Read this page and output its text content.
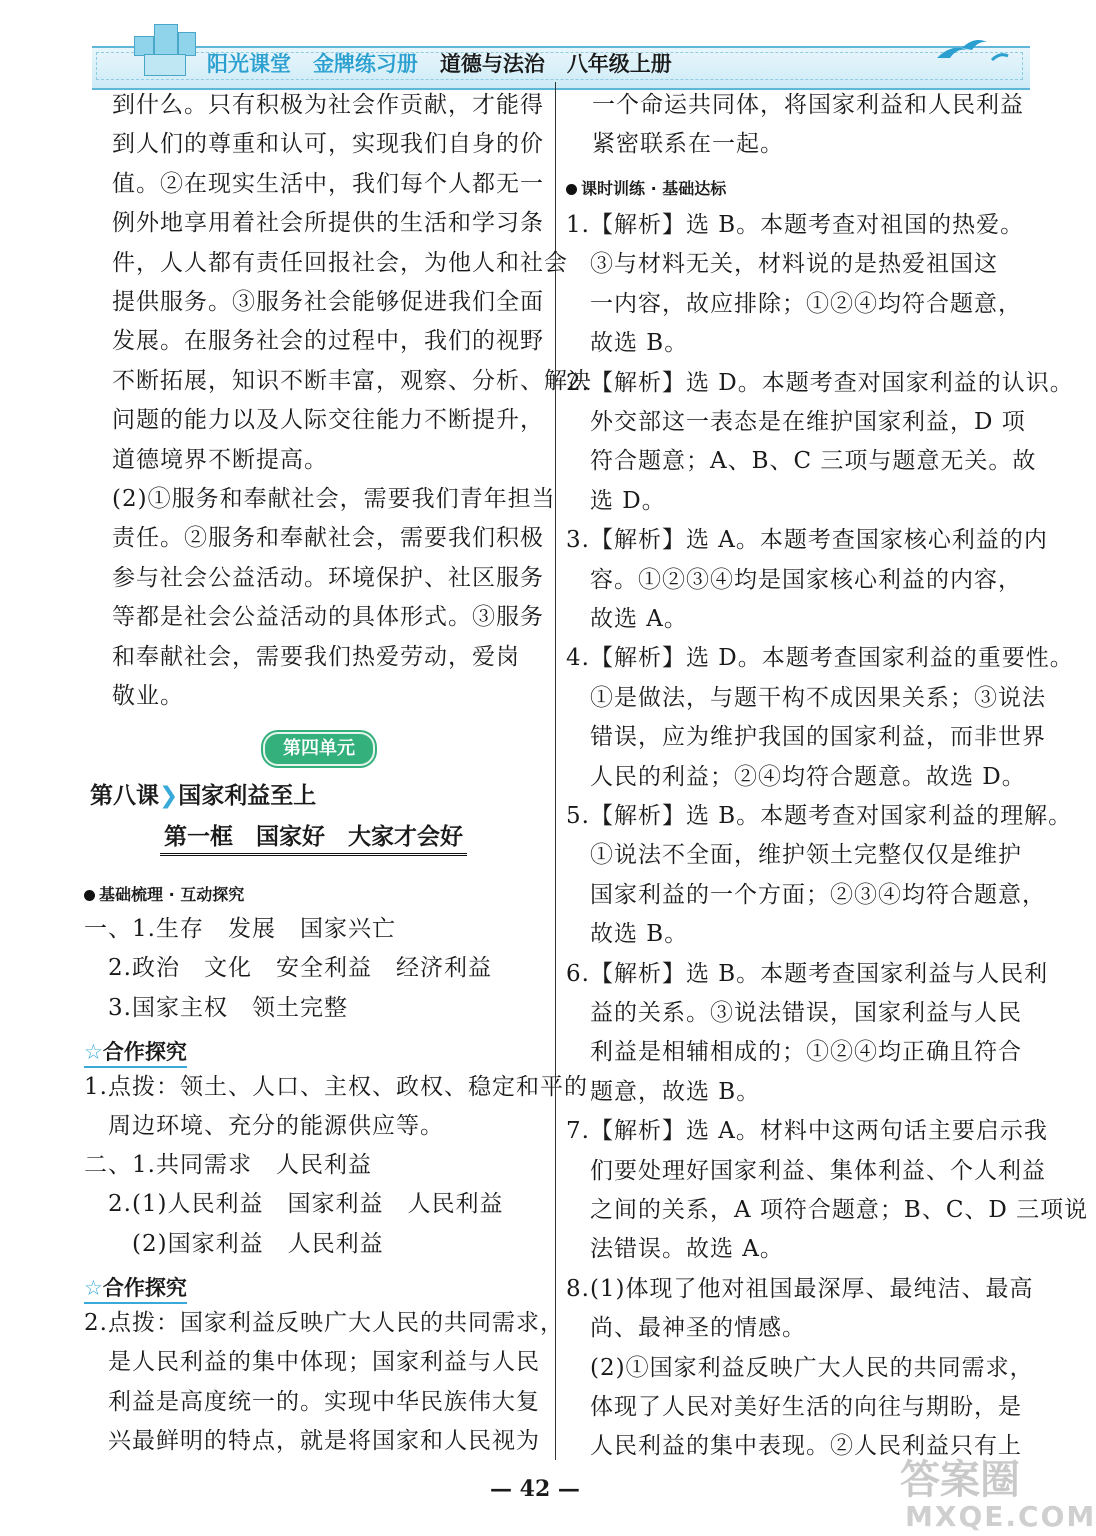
阳光课堂 金牌练习册 道德与法治 八年级上册
到什么。只有积极为社会作贡献，才能得
到人们的尊重和认可，实现我们自身的价
值。②在现实生活中，我们每个人都无一
例外地享用着社会所提供的生活和学习条
件，人人都有责任回报社会，为他人和社会
提供服务。③服务社会能够促进我们全面
发展。在服务社会的过程中，我们的视野
不断拓展，知识不断丰富，观察、分析、解决
问题的能力以及人际交往能力不断提升，
道德境界不断提高。
(2)①服务和奉献社会，需要我们青年担当
责任。②服务和奉献社会，需要我们积极
参与社会公益活动。环境保护、社区服务
等都是社会公益活动的具体形式。③服务
和奉献社会，需要我们热爱劳动，爱岗
敬业。
第四单元
第八课❯国家利益至上
第一框　国家好　大家才会好
基础梳理 · 互动探究
一、1.生存　发展　国家兴亡
　2.政治　文化　安全利益　经济利益
　3.国家主权　领土完整
☆合作探究
1.点拨：领土、人口、主权、政权、稳定和平的
　周边环境、充分的能源供应等。
二、1.共同需求　人民利益
　2.(1)人民利益　国家利益　人民利益
　　(2)国家利益　人民利益
☆合作探究
2.点拨：国家利益反映广大人民的共同需求，
　是人民利益的集中体现；国家利益与人民
　利益是高度统一的。实现中华民族伟大复
　兴最鲜明的特点，就是将国家和人民视为
一个命运共同体，将国家利益和人民利益
紧密联系在一起。
课时训练 · 基础达标
1.【解析】选 B。本题考查对祖国的热爱。
　③与材料无关，材料说的是热爱祖国这
　一内容，故应排除；①②④均符合题意，
　故选 B。
2.【解析】选 D。本题考查对国家利益的认识。
　外交部这一表态是在维护国家利益，D 项
　符合题意；A、B、C 三项与题意无关。故
　选 D。
3.【解析】选 A。本题考查国家核心利益的内
　容。①②③④均是国家核心利益的内容，
　故选 A。
4.【解析】选 D。本题考查国家利益的重要性。
　①是做法，与题干构不成因果关系；③说法
　错误，应为维护我国的国家利益，而非世界
　人民的利益；②④均符合题意。故选 D。
5.【解析】选 B。本题考查对国家利益的理解。
　①说法不全面，维护领土完整仅仅是维护
　国家利益的一个方面；②③④均符合题意，
　故选 B。
6.【解析】选 B。本题考查国家利益与人民利
　益的关系。③说法错误，国家利益与人民
　利益是相辅相成的；①②④均正确且符合
　题意，故选 B。
7.【解析】选 A。材料中这两句话主要启示我
　们要处理好国家利益、集体利益、个人利益
　之间的关系，A 项符合题意；B、C、D 三项说
　法错误。故选 A。
8.(1)体现了他对祖国最深厚、最纯洁、最高
　尚、最神圣的情感。
　(2)①国家利益反映广大人民的共同需求，
　体现了人民对美好生活的向往与期盼，是
　人民利益的集中表现。②人民利益只有上
— 42 —	答案圈
MXQE.COM
